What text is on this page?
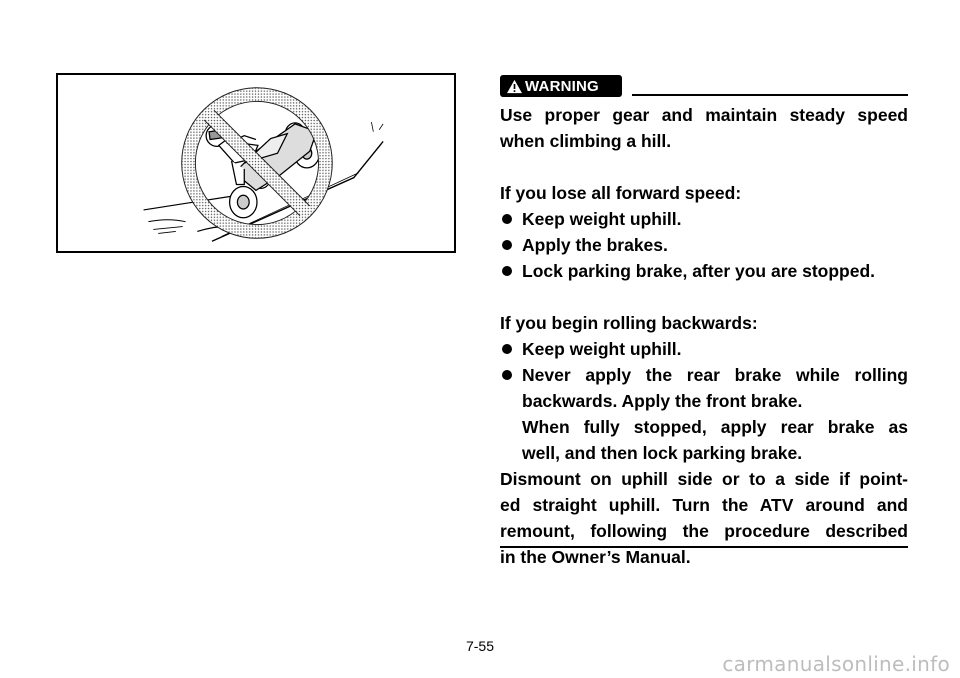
WARNING

Use proper gear and maintain steady speed

when climbing a hill.

If you lose all forward speed:

Keep weight uphill.

Apply the brakes.

Lock parking brake, after you are stopped.

If you begin rolling backwards:

Keep weight uphill.

Never apply the rear brake while rolling

backwards. Apply the front brake.

When fully stopped, apply rear brake as

well, and then lock parking brake.

Dismount on uphill side or to a side if point-

ed straight uphill. Turn the ATV around and

remount, following the procedure described

in the Owner’s Manual.

7-55
carmanualsonline.info
